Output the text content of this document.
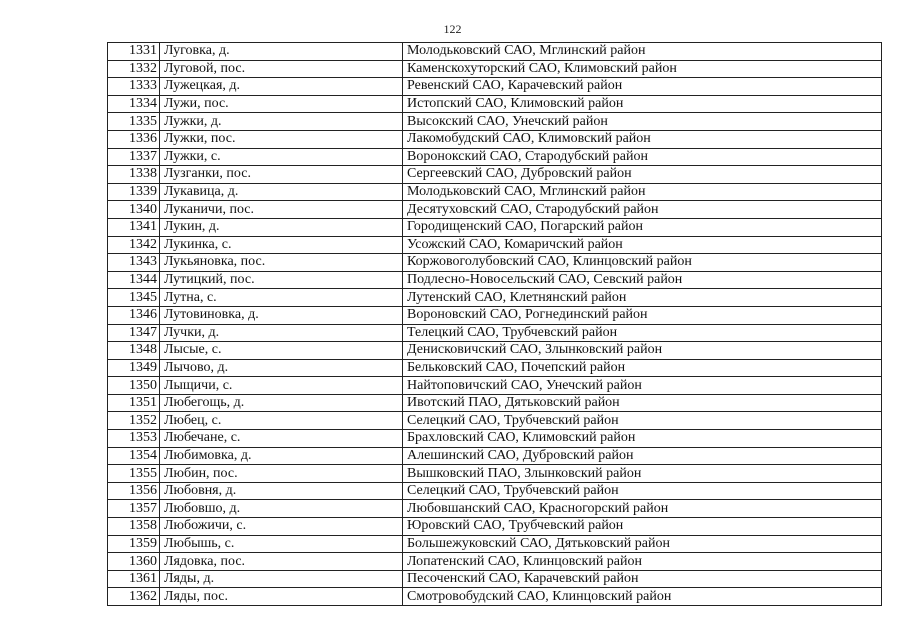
122
1331	Луговка, д.	Молодьковский САО, Мглинский район
1332	Луговой, пос.	Каменскохуторский САО, Климовский район
1333	Лужецкая, д.	Ревенский САО, Карачевский район
1334	Лужи, пос.	Истопский САО, Климовский район
1335	Лужки, д.	Высокский САО, Унечский район
1336	Лужки, пос.	Лакомобудский САО, Климовский район
1337	Лужки, с.	Воронокский САО, Стародубский район
1338	Лузганки, пос.	Сергеевский САО, Дубровский район
1339	Лукавица, д.	Молодьковский САО, Мглинский район
1340	Луканичи, пос.	Десятуховский САО, Стародубский район
1341	Лукин, д.	Городищенский САО, Погарский район
1342	Лукинка, с.	Усожский САО, Комаричский район
1343	Лукьяновка, пос.	Коржовоголубовский САО, Клинцовский район
1344	Лутицкий, пос.	Подлесно-Новосельский САО, Севский район
1345	Лутна, с.	Лутенский САО, Клетнянский район
1346	Лутовиновка, д.	Вороновский САО, Рогнединский район
1347	Лучки, д.	Телецкий САО, Трубчевский район
1348	Лысые, с.	Денисковичский САО, Злынковский район
1349	Лычово, д.	Бельковский САО, Почепский район
1350	Лыщичи, с.	Найтоповичский САО, Унечский район
1351	Любегощь, д.	Ивотский ПАО, Дятьковский район
1352	Любец, с.	Селецкий САО, Трубчевский район
1353	Любечане, с.	Брахловский САО, Климовский район
1354	Любимовка, д.	Алешинский САО, Дубровский район
1355	Любин, пос.	Вышковский ПАО, Злынковский район
1356	Любовня, д.	Селецкий САО, Трубчевский район
1357	Любовшо, д.	Любовшанский САО, Красногорский район
1358	Любожичи, с.	Юровский САО, Трубчевский район
1359	Любышь, с.	Большежуковский САО, Дятьковский район
1360	Лядовка, пос.	Лопатенский САО, Клинцовский район
1361	Ляды, д.	Песоченский САО, Карачевский район
1362	Ляды, пос.	Смотровобудский САО, Клинцовский район
